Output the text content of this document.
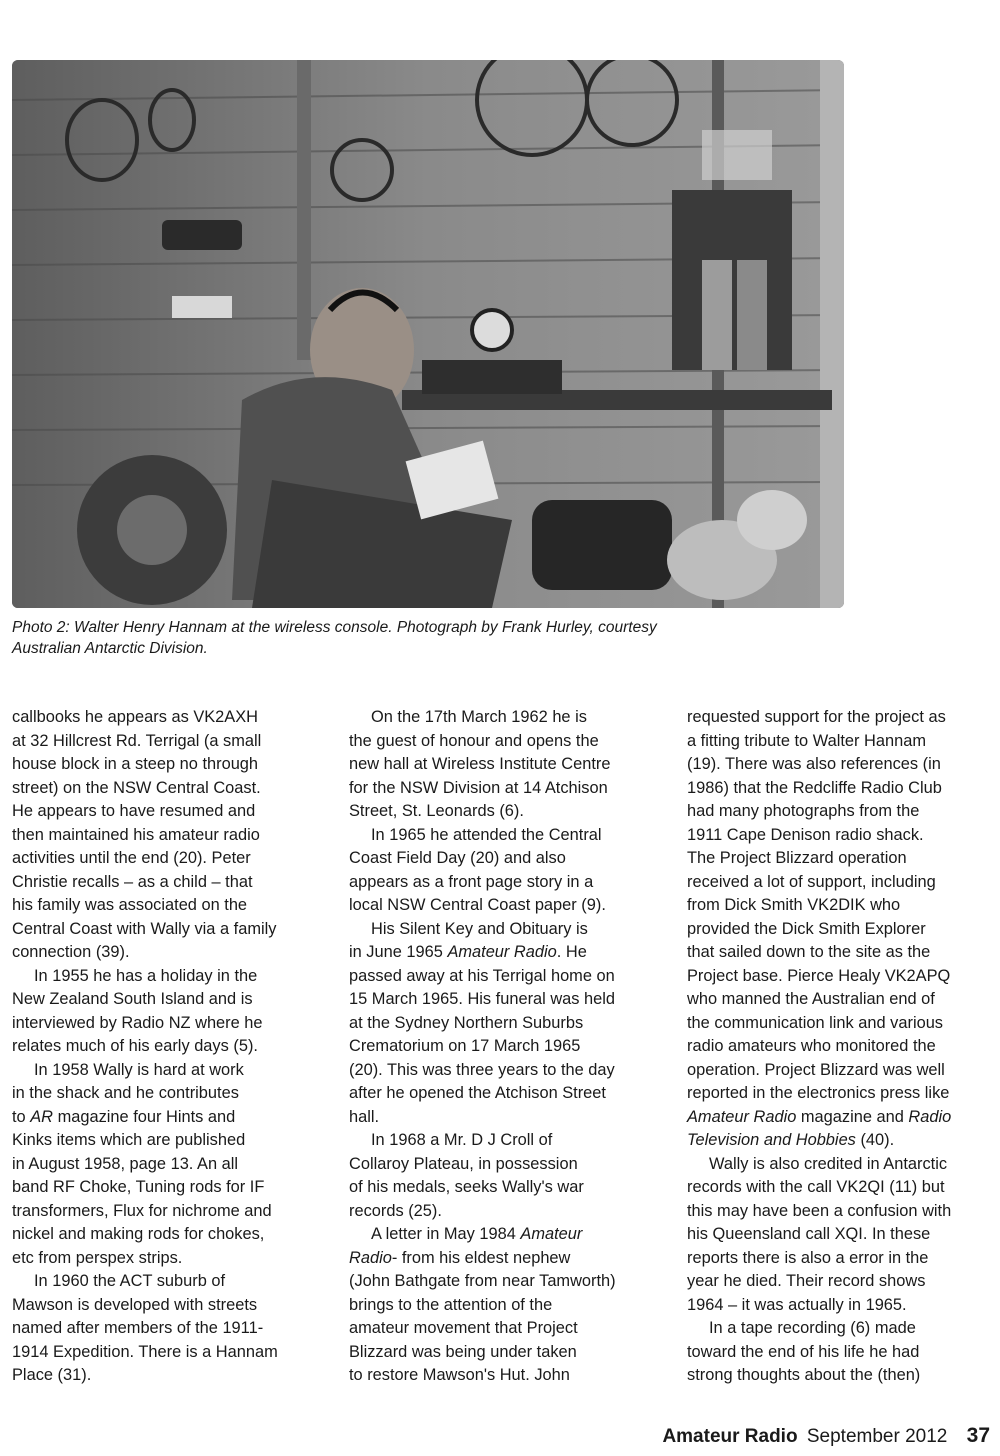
Photo 2: Walter Henry Hannam at the wireless console. Photograph by Frank Hurley, courtesy Australian Antarctic Division.

callbooks he appears as VK2AXH
at 32 Hillcrest Rd. Terrigal (a small
house block in a steep no through
street) on the NSW Central Coast.
He appears to have resumed and
then maintained his amateur radio
activities until the end (20). Peter
Christie recalls – as a child – that
his family was associated on the
Central Coast with Wally via a family
connection (39).

In 1955 he has a holiday in the
New Zealand South Island and is
interviewed by Radio NZ where he
relates much of his early days (5).

In 1958 Wally is hard at work
in the shack and he contributes
to AR magazine four Hints and
Kinks items which are published
in August 1958, page 13. An all
band RF Choke, Tuning rods for IF
transformers, Flux for nichrome and
nickel and making rods for chokes,
etc from perspex strips.

In 1960 the ACT suburb of
Mawson is developed with streets
named after members of the 1911-
1914 Expedition. There is a Hannam
Place (31).

On the 17th March 1962 he is
the guest of honour and opens the
new hall at Wireless Institute Centre
for the NSW Division at 14 Atchison
Street, St. Leonards (6).

In 1965 he attended the Central
Coast Field Day (20) and also
appears as a front page story in a
local NSW Central Coast paper (9).

His Silent Key and Obituary is
in June 1965 Amateur Radio. He
passed away at his Terrigal home on
15 March 1965. His funeral was held
at the Sydney Northern Suburbs
Crematorium on 17 March 1965
(20). This was three years to the day
after he opened the Atchison Street
hall.

In 1968 a Mr. D J Croll of
Collaroy Plateau, in possession
of his medals, seeks Wally's war
records (25).

A letter in May 1984 Amateur
Radio- from his eldest nephew
(John Bathgate from near Tamworth)
brings to the attention of the
amateur movement that Project
Blizzard was being under taken
to restore Mawson's Hut. John

requested support for the project as
a fitting tribute to Walter Hannam
(19). There was also references (in
1986) that the Redcliffe Radio Club
had many photographs from the
1911 Cape Denison radio shack.
The Project Blizzard operation
received a lot of support, including
from Dick Smith VK2DIK who
provided the Dick Smith Explorer
that sailed down to the site as the
Project base. Pierce Healy VK2APQ
who manned the Australian end of
the communication link and various
radio amateurs who monitored the
operation. Project Blizzard was well
reported in the electronics press like
Amateur Radio magazine and Radio
Television and Hobbies (40).

Wally is also credited in Antarctic
records with the call VK2QI (11) but
this may have been a confusion with
his Queensland call XQI. In these
reports there is also a error in the
year he died. Their record shows
1964 – it was actually in 1965.

In a tape recording (6) made
toward the end of his life he had
strong thoughts about the (then)

Amateur Radio September 2012 37
